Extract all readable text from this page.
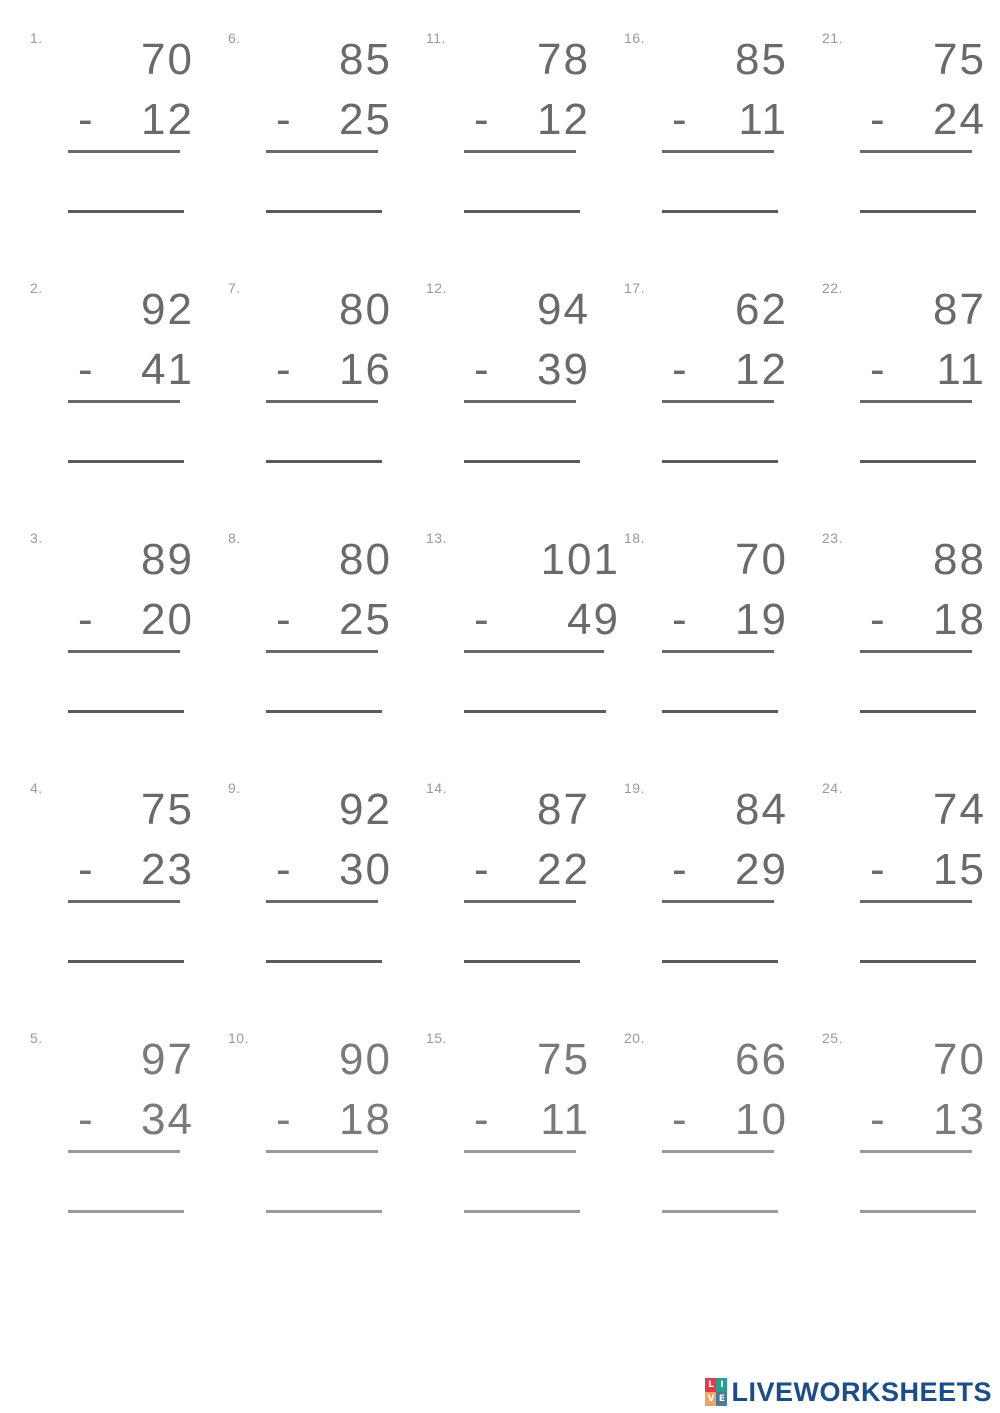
1. 70
- 12
2. 92
- 41
3. 89
- 20
4. 75
- 23
5. 97
- 34
6. 85
- 25
7. 80
- 16
8. 80
- 25
9. 92
- 30
10. 90
- 18
11. 78
- 12
12. 94
- 39
13. 101
- 49
14. 87
- 22
15. 75
- 11
16. 85
- 11
17. 62
- 12
18. 70
- 19
19. 84
- 29
20. 66
- 10
21. 75
- 24
22. 87
- 11
23. 88
- 18
24. 74
- 15
25. 70
- 13
L I
V E LIVEWORKSHEETS
